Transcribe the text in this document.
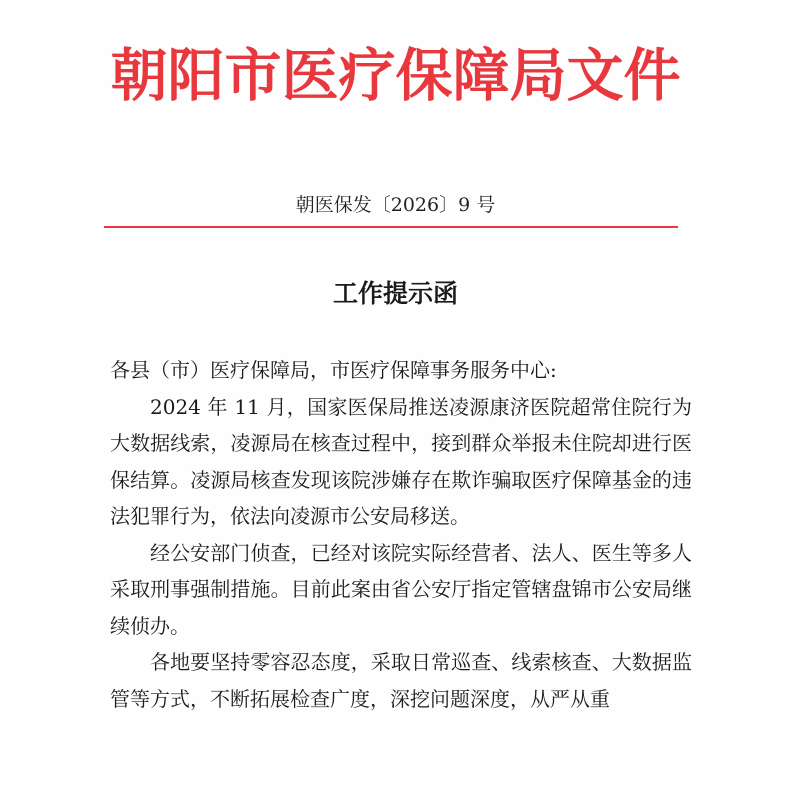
朝阳市医疗保障局文件
朝医保发〔2026〕9 号
工作提示函

各县（市）医疗保障局，市医疗保障事务服务中心:

2024 年 11 月，国家医保局推送凌源康济医院超常住院行为大数据线索，凌源局在核查过程中，接到群众举报未住院却进行医保结算。凌源局核查发现该院涉嫌存在欺诈骗取医疗保障基金的违法犯罪行为，依法向凌源市公安局移送。

经公安部门侦查，已经对该院实际经营者、法人、医生等多人采取刑事强制措施。目前此案由省公安厅指定管辖盘锦市公安局继续侦办。

各地要坚持零容忍态度，采取日常巡查、线索核查、大数据监管等方式，不断拓展检查广度，深挖问题深度，从严从重
